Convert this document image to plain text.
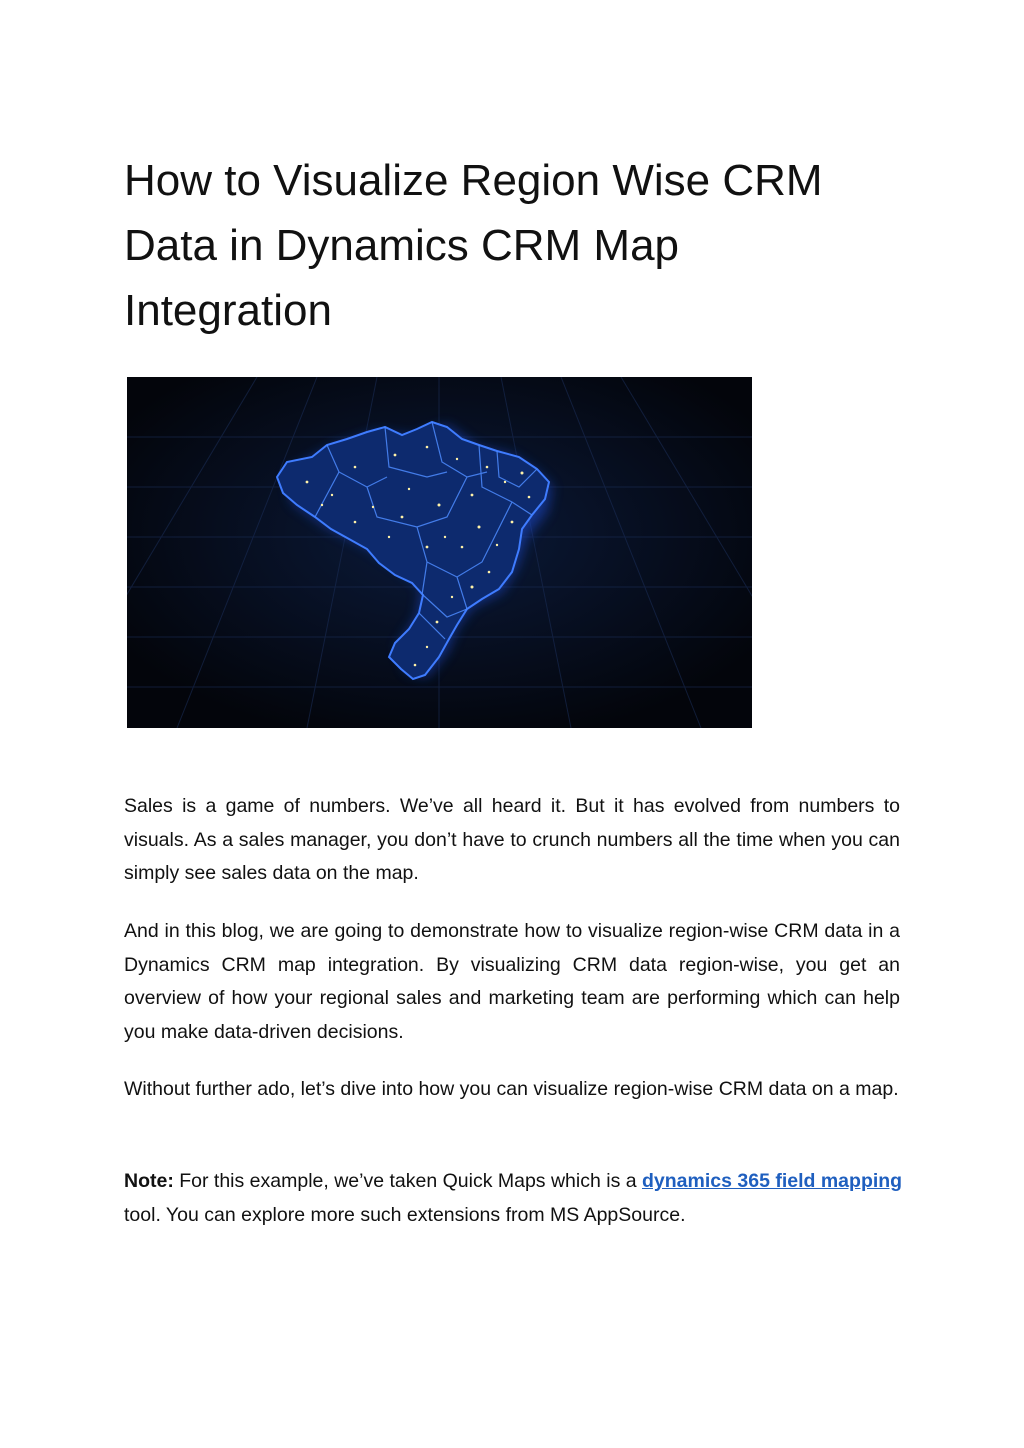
How to Visualize Region Wise CRM Data in Dynamics CRM Map Integration

Sales is a game of numbers. We’ve all heard it. But it has evolved from numbers to visuals. As a sales manager, you don’t have to crunch numbers all the time when you can simply see sales data on the map.

And in this blog, we are going to demonstrate how to visualize region-wise CRM data in a Dynamics CRM map integration. By visualizing CRM data region-wise, you get an overview of how your regional sales and marketing team are performing which can help you make data-driven decisions.

Without further ado, let’s dive into how you can visualize region-wise CRM data on a map.

Note: For this example, we’ve taken Quick Maps which is a dynamics 365 field mapping tool. You can explore more such extensions from MS AppSource.
